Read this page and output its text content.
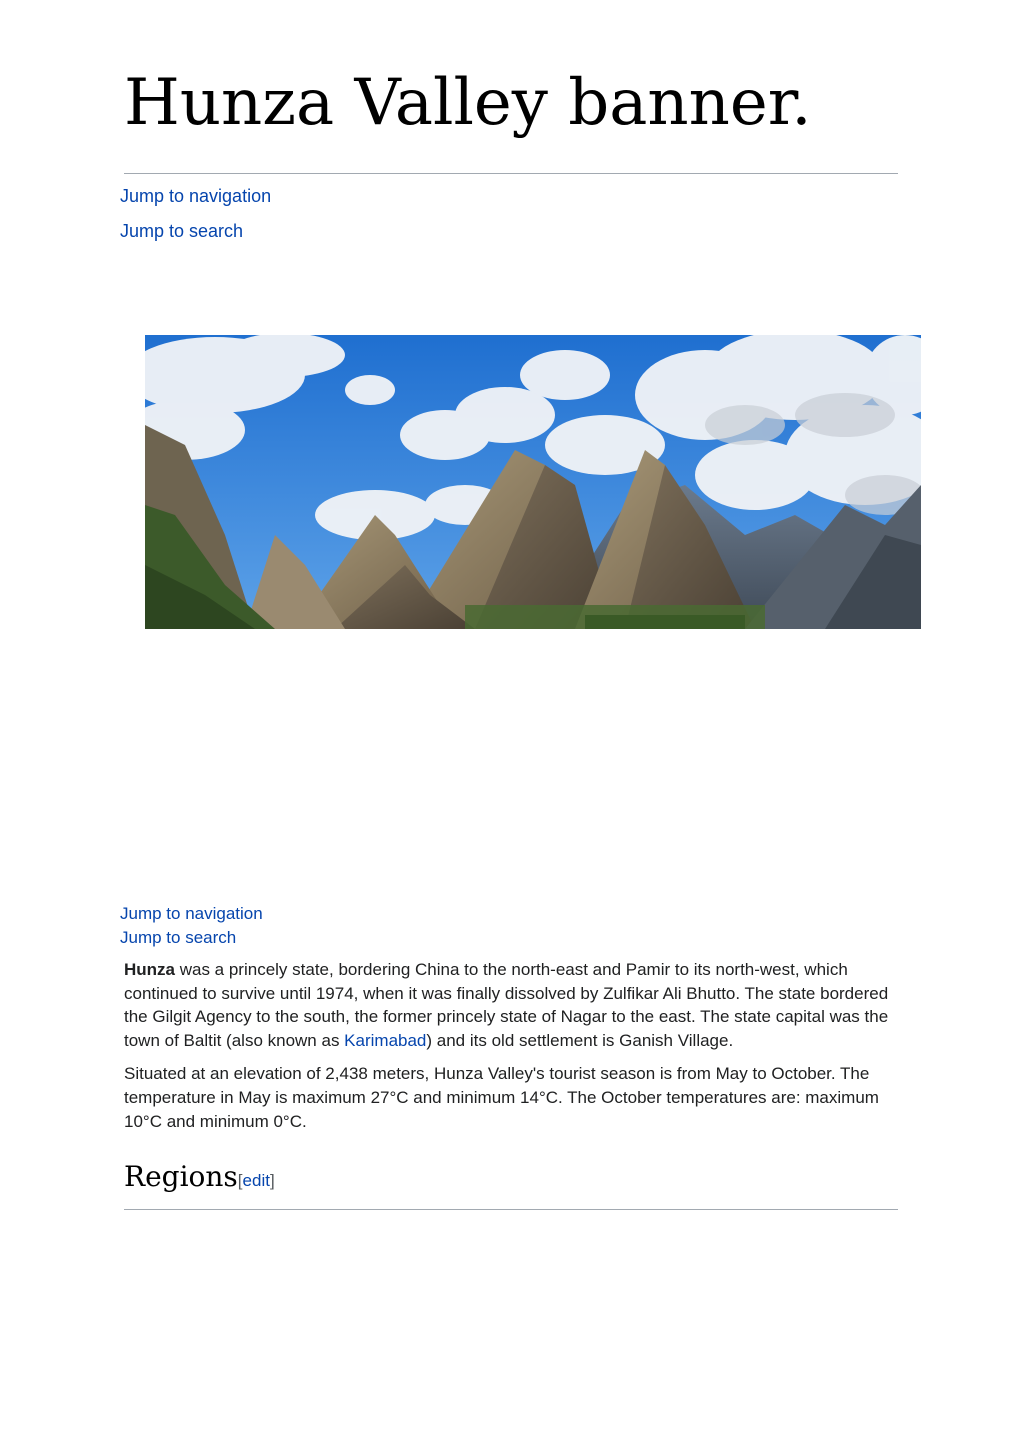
Hunza Valley banner.
Jump to navigation
Jump to search
Jump to navigation
Jump to search

Hunza was a princely state, bordering China to the north-east and Pamir to its north-west, which continued to survive until 1974, when it was finally dissolved by Zulfikar Ali Bhutto. The state bordered the Gilgit Agency to the south, the former princely state of Nagar to the east. The state capital was the town of Baltit (also known as Karimabad) and its old settlement is Ganish Village.

Situated at an elevation of 2,438 meters, Hunza Valley's tourist season is from May to October. The temperature in May is maximum 27°C and minimum 14°C. The October temperatures are: maximum 10°C and minimum 0°C.

Regions[edit]
